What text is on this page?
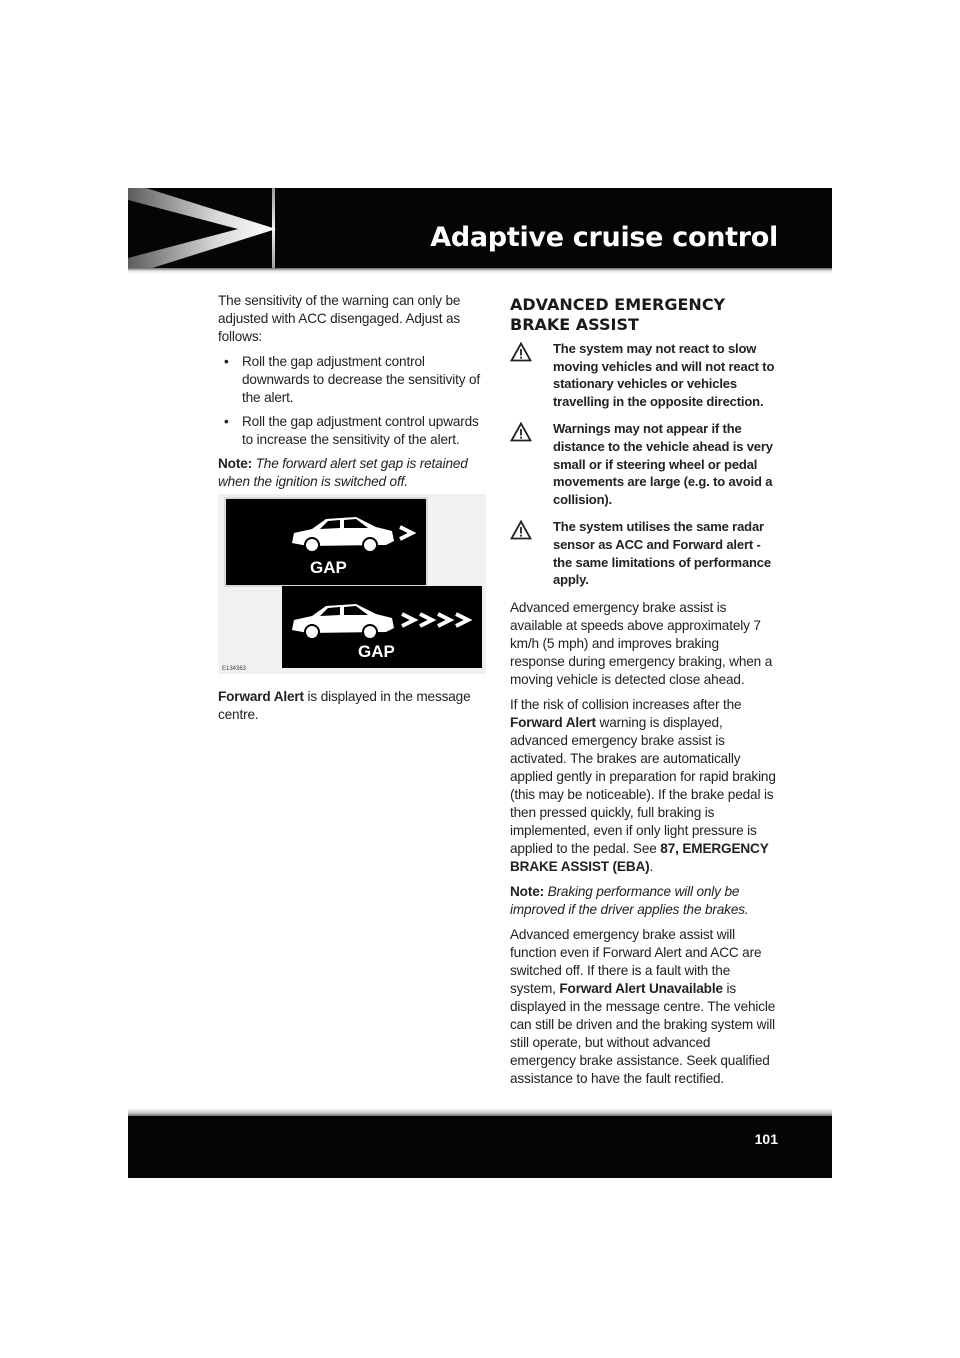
Adaptive cruise control

The sensitivity of the warning can only be adjusted with ACC disengaged. Adjust as follows:

• Roll the gap adjustment control downwards to decrease the sensitivity of the alert.
• Roll the gap adjustment control upwards to increase the sensitivity of the alert.

Note: The forward alert set gap is retained when the ignition is switched off.

GAP
GAP
E134363

Forward Alert is displayed in the message centre.

ADVANCED EMERGENCY BRAKE ASSIST
The system may not react to slow moving vehicles and will not react to stationary vehicles or vehicles travelling in the opposite direction.
Warnings may not appear if the distance to the vehicle ahead is very small or if steering wheel or pedal movements are large (e.g. to avoid a collision).
The system utilises the same radar sensor as ACC and Forward alert - the same limitations of performance apply.

Advanced emergency brake assist is available at speeds above approximately 7 km/h (5 mph) and improves braking response during emergency braking, when a moving vehicle is detected close ahead.

If the risk of collision increases after the Forward Alert warning is displayed, advanced emergency brake assist is activated. The brakes are automatically applied gently in preparation for rapid braking (this may be noticeable). If the brake pedal is then pressed quickly, full braking is implemented, even if only light pressure is applied to the pedal. See 87, EMERGENCY BRAKE ASSIST (EBA).

Note: Braking performance will only be improved if the driver applies the brakes.

Advanced emergency brake assist will function even if Forward Alert and ACC are switched off. If there is a fault with the system, Forward Alert Unavailable is displayed in the message centre. The vehicle can still be driven and the braking system will still operate, but without advanced emergency brake assistance. Seek qualified assistance to have the fault rectified.

101
